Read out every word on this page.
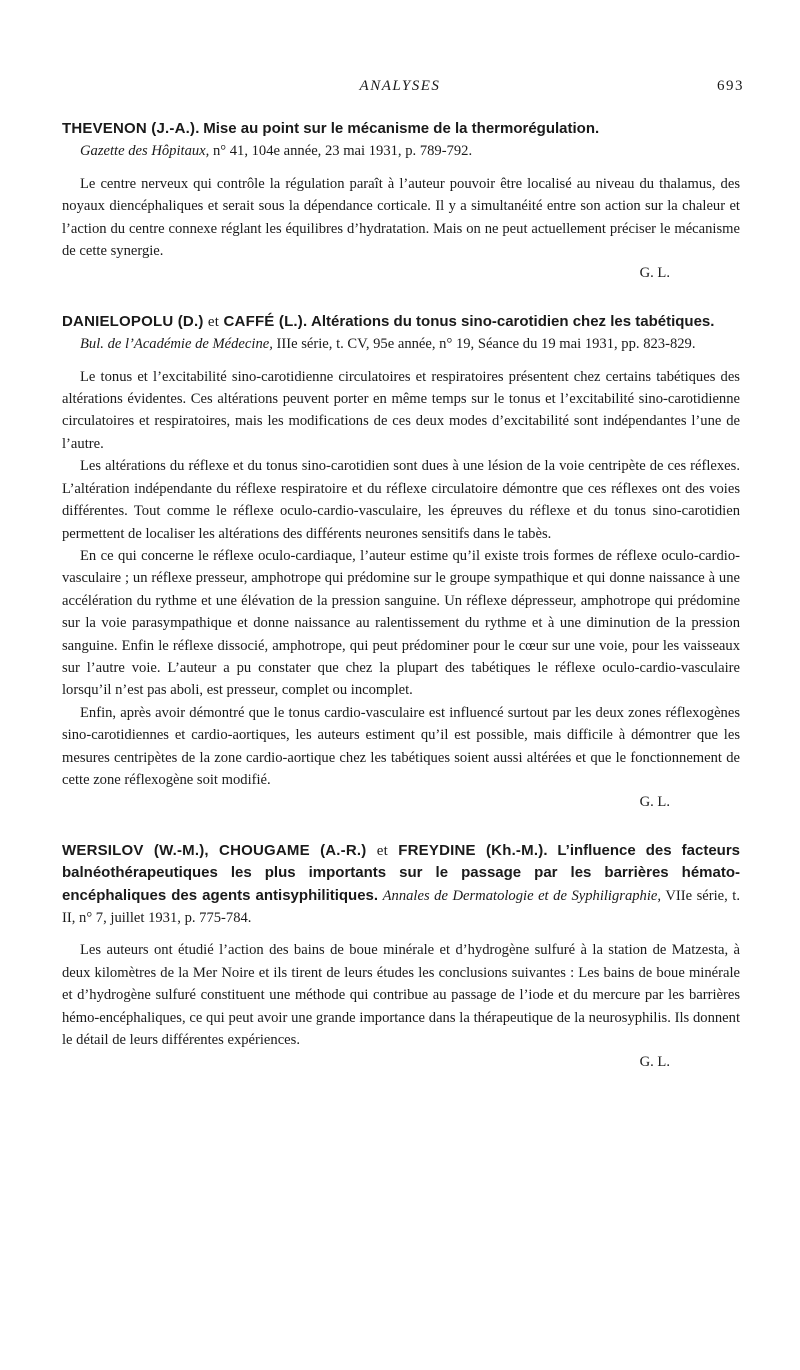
ANALYSES	693

THEVENON (J.-A.). Mise au point sur le mécanisme de la thermorégulation.
Gazette des Hôpitaux, n° 41, 104e année, 23 mai 1931, p. 789-792.

Le centre nerveux qui contrôle la régulation paraît à l’auteur pouvoir être localisé au niveau du thalamus, des noyaux diencéphaliques et serait sous la dépendance corticale. Il y a simultanéité entre son action sur la chaleur et l’action du centre connexe réglant les équilibres d’hydratation. Mais on ne peut actuellement préciser le mécanisme de cette synergie.

G. L.

DANIELOPOLU (D.) et CAFFÉ (L.). Altérations du tonus sino-carotidien chez les tabétiques.
Bul. de l’Académie de Médecine, IIIe série, t. CV, 95e année, n° 19, Séance du 19 mai 1931, pp. 823-829.

Le tonus et l’excitabilité sino-carotidienne circulatoires et respiratoires présentent chez certains tabétiques des altérations évidentes. Ces altérations peuvent porter en même temps sur le tonus et l’excitabilité sino-carotidienne circulatoires et respiratoires, mais les modifications de ces deux modes d’excitabilité sont indépendantes l’une de l’autre.

Les altérations du réflexe et du tonus sino-carotidien sont dues à une lésion de la voie centripète de ces réflexes. L’altération indépendante du réflexe respiratoire et du réflexe circulatoire démontre que ces réflexes ont des voies différentes. Tout comme le réflexe oculo-cardio-vasculaire, les épreuves du réflexe et du tonus sino-carotidien permettent de localiser les altérations des différents neurones sensitifs dans le tabès.

En ce qui concerne le réflexe oculo-cardiaque, l’auteur estime qu’il existe trois formes de réflexe oculo-cardio-vasculaire ; un réflexe presseur, amphotrope qui prédomine sur le groupe sympathique et qui donne naissance à une accélération du rythme et une élévation de la pression sanguine. Un réflexe dépresseur, amphotrope qui prédomine sur la voie parasympathique et donne naissance au ralentissement du rythme et à une diminution de la pression sanguine. Enfin le réflexe dissocié, amphotrope, qui peut prédominer pour le cœur sur une voie, pour les vaisseaux sur l’autre voie. L’auteur a pu constater que chez la plupart des tabétiques le réflexe oculo-cardio-vasculaire lorsqu’il n’est pas aboli, est presseur, complet ou incomplet.

Enfin, après avoir démontré que le tonus cardio-vasculaire est influencé surtout par les deux zones réflexogènes sino-carotidiennes et cardio-aortiques, les auteurs estiment qu’il est possible, mais difficile à démontrer que les mesures centripètes de la zone cardio-aortique chez les tabétiques soient aussi altérées et que le fonctionnement de cette zone réflexogène soit modifié.

G. L.

WERSILOV (W.-M.), CHOUGAME (A.-R.) et FREYDINE (Kh.-M.). L’influence des facteurs balnéothérapeutiques les plus importants sur le passage par les barrières hémato-encéphaliques des agents antisyphilitiques. Annales de Dermatologie et de Syphiligraphie, VIIe série, t. II, n° 7, juillet 1931, p. 775-784.

Les auteurs ont étudié l’action des bains de boue minérale et d’hydrogène sulfuré à la station de Matzesta, à deux kilomètres de la Mer Noire et ils tirent de leurs études les conclusions suivantes : Les bains de boue minérale et d’hydrogène sulfuré constituent une méthode qui contribue au passage de l’iode et du mercure par les barrières hémo-encéphaliques, ce qui peut avoir une grande importance dans la thérapeutique de la neurosyphilis. Ils donnent le détail de leurs différentes expériences.

G. L.
